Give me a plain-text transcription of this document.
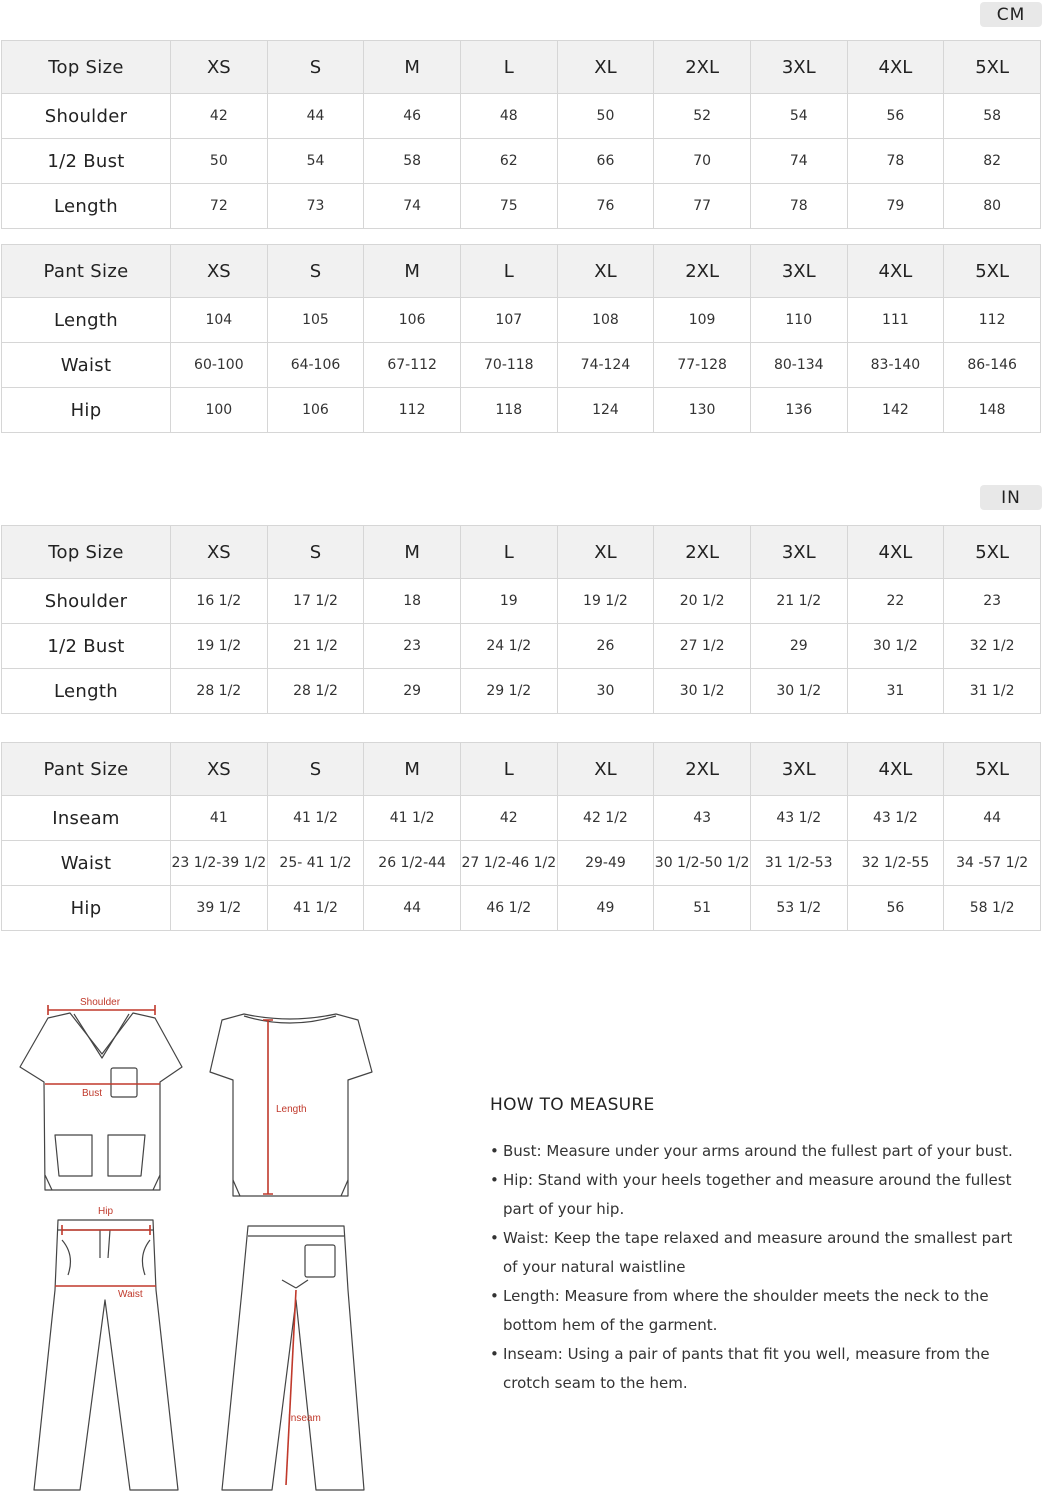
CM
Top Size	XS	S	M	L	XL	2XL	3XL	4XL	5XL
Shoulder	42	44	46	48	50	52	54	56	58
1/2 Bust	50	54	58	62	66	70	74	78	82
Length	72	73	74	75	76	77	78	79	80
Pant Size	XS	S	M	L	XL	2XL	3XL	4XL	5XL
Length	104	105	106	107	108	109	110	111	112
Waist	60-100	64-106	67-112	70-118	74-124	77-128	80-134	83-140	86-146
Hip	100	106	112	118	124	130	136	142	148
IN
Top Size	XS	S	M	L	XL	2XL	3XL	4XL	5XL
Shoulder	16 1/2	17 1/2	18	19	19 1/2	20 1/2	21 1/2	22	23
1/2 Bust	19 1/2	21 1/2	23	24 1/2	26	27 1/2	29	30 1/2	32 1/2
Length	28 1/2	28 1/2	29	29 1/2	30	30 1/2	30 1/2	31	31 1/2
Pant Size	XS	S	M	L	XL	2XL	3XL	4XL	5XL
Inseam	41	41 1/2	41 1/2	42	42 1/2	43	43 1/2	43 1/2	44
Waist	23 1/2-39 1/2	25- 41 1/2	26 1/2-44	27 1/2-46 1/2	29-49	30 1/2-50 1/2	31 1/2-53	32 1/2-55	34 -57 1/2
Hip	39 1/2	41 1/2	44	46 1/2	49	51	53 1/2	56	58 1/2
Shoulder
Bust
Length
Hip
Waist
Inseam
HOW TO MEASURE
• Bust: Measure under your arms around the fullest part of your bust.
• Hip: Stand with your heels together and measure around the fullest part of your hip.
• Waist: Keep the tape relaxed and measure around the smallest part of your natural waistline
• Length: Measure from where the shoulder meets the neck to the bottom hem of the garment.
• Inseam: Using a pair of pants that fit you well, measure from the crotch seam to the hem.
